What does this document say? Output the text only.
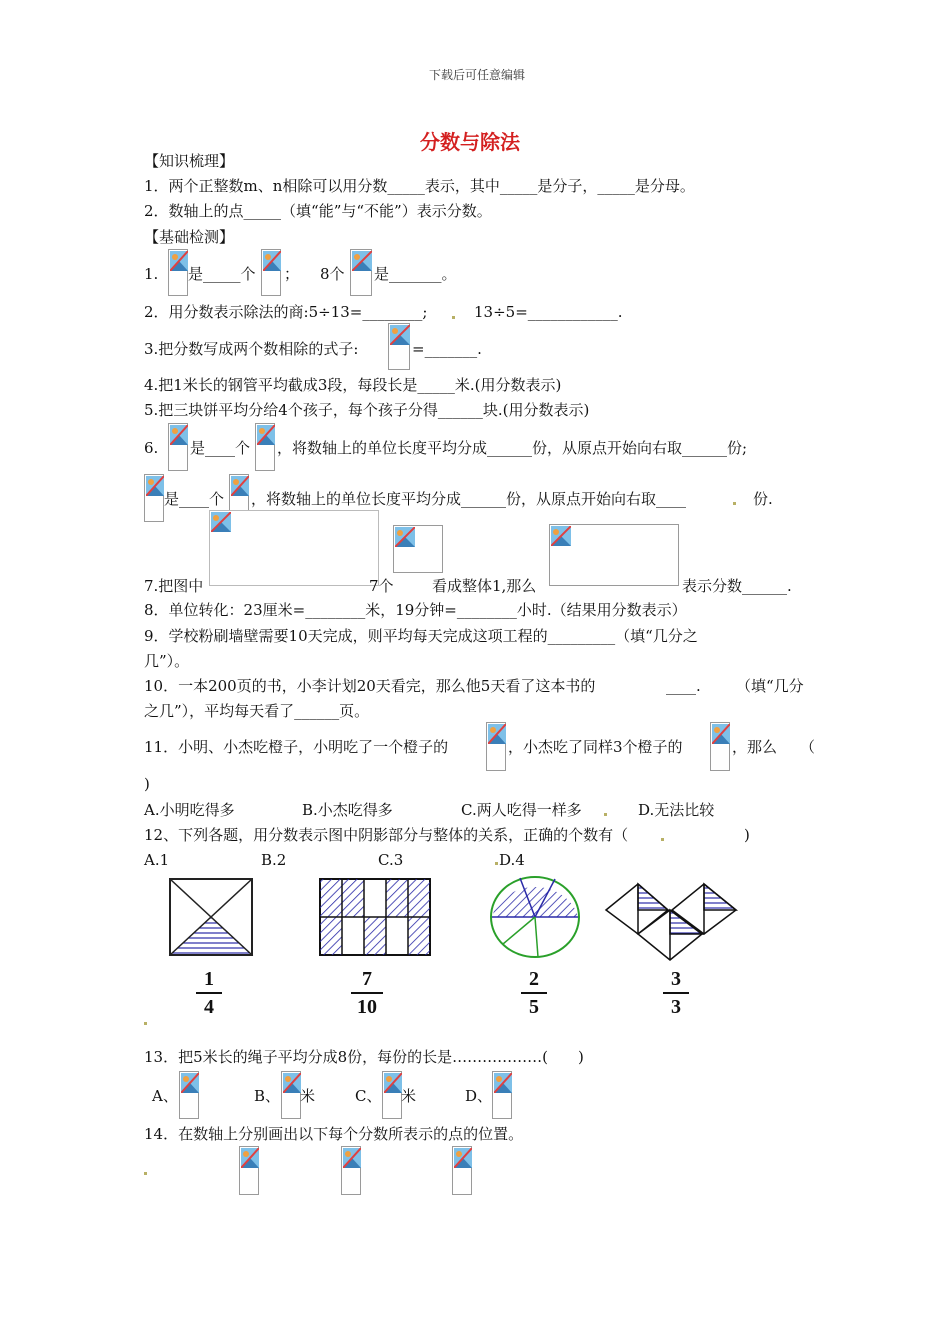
下载后可任意编辑
分数与除法
【知识梳理】
1．两个正整数m、n相除可以用分数_____表示，其中_____是分子，_____是分母。
2．数轴上的点_____（填“能”与“不能”）表示分数。
【基础检测】
1. 是_____个 ； 8个 是_______。
2．用分数表示除法的商:5÷13=________;	13÷5=____________.
3.把分数写成两个数相除的式子:	=_______.
4.把1米长的钢管平均截成3段，每段长是_____米.(用分数表示)
5.把三块饼平均分给4个孩子，每个孩子分得______块.(用分数表示)
6. 是____个 ，将数轴上的单位长度平均分成______份，从原点开始向右取______份;
是____个 ，将数轴上的单位长度平均分成______份，从原点开始向右取____	份.
7.把图中	7个	看成整体1,那么	表示分数______.
8．单位转化：23厘米=________米，19分钟=________小时.（结果用分数表示）
9．学校粉刷墙壁需要10天完成，则平均每天完成这项工程的_________（填“几分之
几”）。
10．一本200页的书，小李计划20天看完，那么他5天看了这本书的	____. （填“几分
之几”），平均每天看了______页。
11．小明、小杰吃橙子，小明吃了一个橙子的	，小杰吃了同样3个橙子的	，那么 （
)
A.小明吃得多	B.小杰吃得多	C.两人吃得一样多	D.无法比较
12、下列各题，用分数表示图中阴影部分与整体的关系，正确的个数有（	)
A.1	B.2	C.3	D.4
1
4
7
10
2
5
3
3
13．把5米长的绳子平均分成8份，每份的长是………………(　　)
A、	B、 米	C、 米	D、
14．在数轴上分别画出以下每个分数所表示的点的位置。
